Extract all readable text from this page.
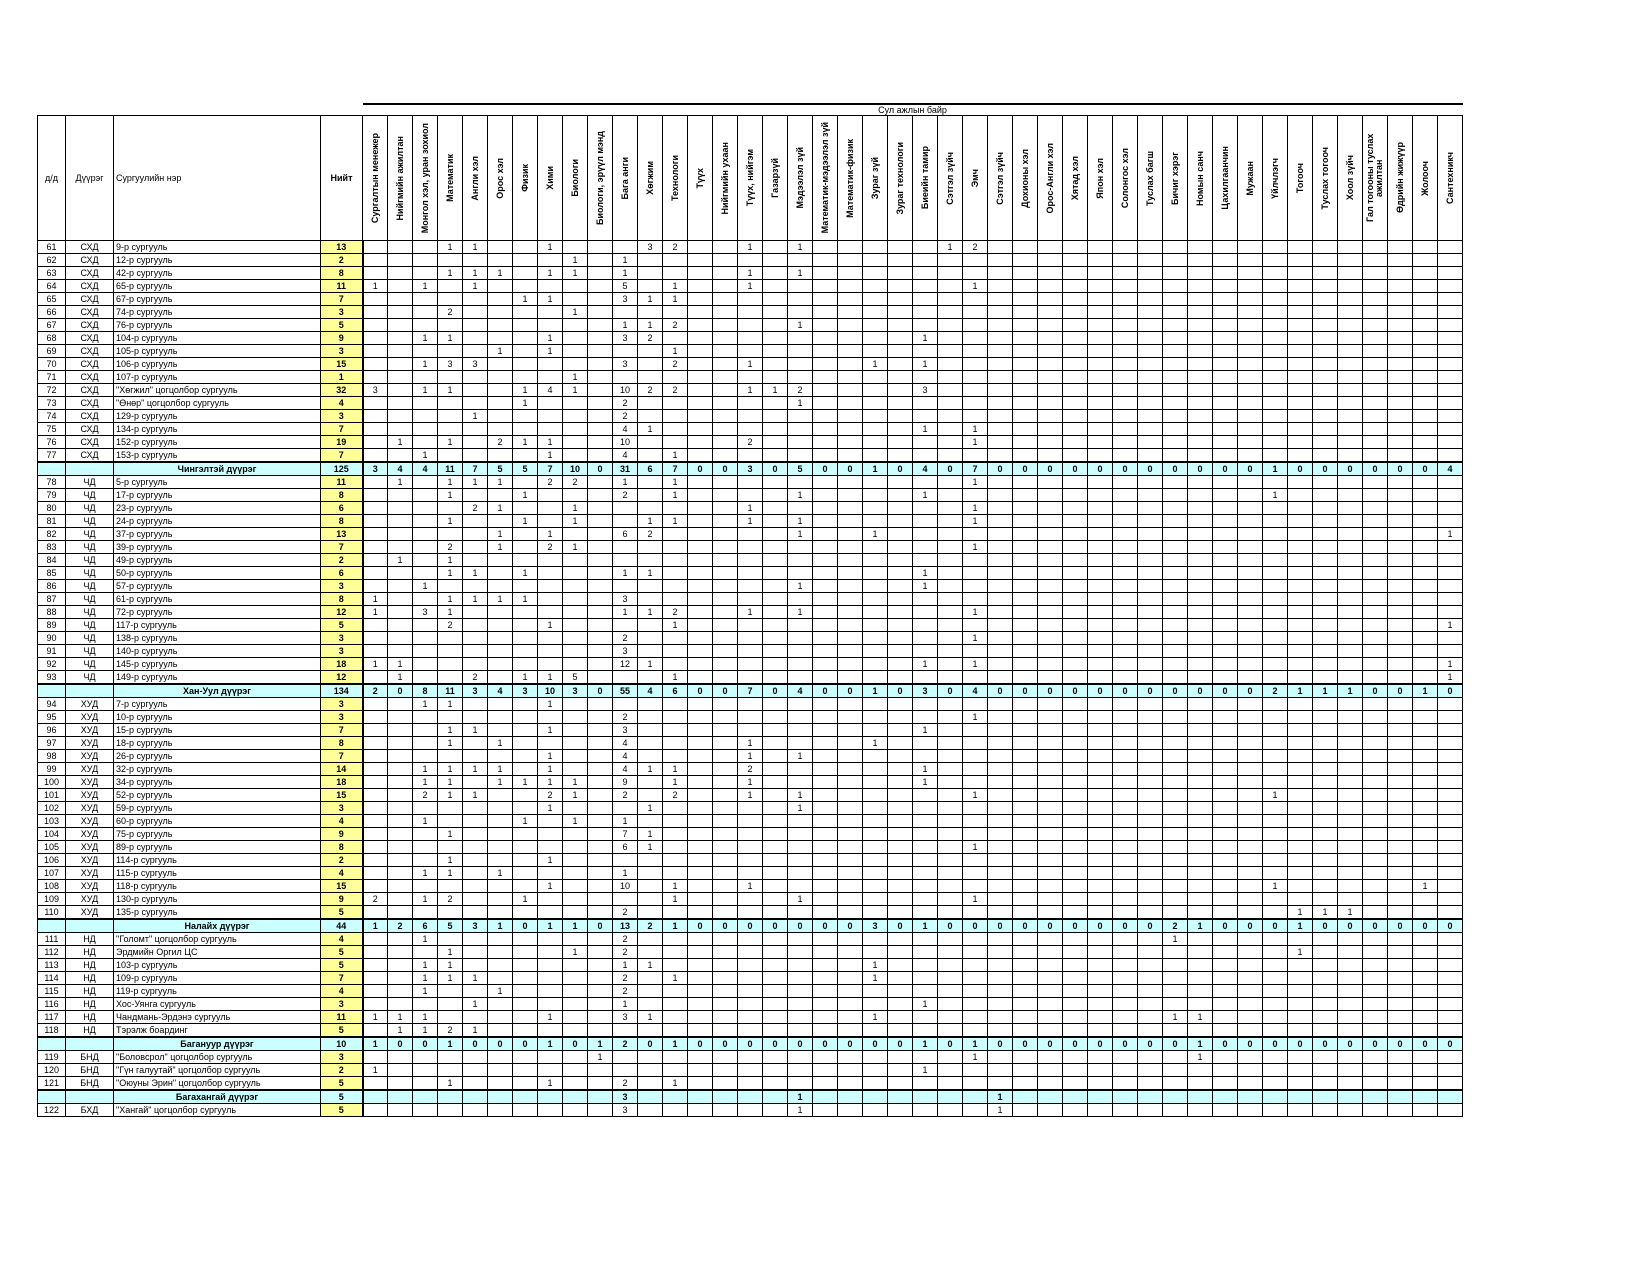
				Сул ажлын байр																																											
д/д	Дүүрэг	Сургуулийн нэр	Нийт	Сургалтын менежер	Нийгмийн ажилтан	Монгол хэл, уран зохиол	Математик	Англи хэл	Орос хэл	Физик	Хими	Биологи	Биологи, эрүүл мэнд	Бага анги	Хөгжим	Технологи	Түүх	Нийгмийн ухаан	Түүх, нийгэм	Газарзүй	Мэдээлэл зүй	Математик-мэдээлэл зүй	Математик-физик	Зураг зүй	Зураг технологи	Биеийн тамир	Сэтгэл зүйч	Эмч	Сэтгэл зүйч	Дохионы хэл	Орос-Англи хэл	Хятад хэл	Япон хэл	Солонгос хэл	Туслах багш	Бичиг хэрэг	Номын санч	Цахилгаанчин	Мужаан	Үйлчлэгч	Тогооч	Туслах тогооч	Хоол зүйч	Гал тогооны туслах ажилтан	Өдрийн жижүүр	Жолооч	Сантехникч

61	СХД	9-р сургууль	13				1	1			1				3	2			1		1						1	2																			
62	СХД	12-р сургууль	2									1		1																																	
63	СХД	42-р сургууль	8				1	1	1		1	1		1					1		1																										
64	СХД	65-р сургууль	11	1		1		1						5		1			1									1																			
65	СХД	67-р сургууль	7							1	1			3	1	1																															
66	СХД	74-р сургууль	3				2					1																																			
67	СХД	76-р сургууль	5											1	1	2					1																										
68	СХД	104-р сургууль	9			1	1				1			3	2											1																					
69	СХД	105-р сургууль	3						1		1					1																															
70	СХД	106-р сургууль	15			1	3	3						3		2			1					1		1																					
71	СХД	107-р сургууль	1									1																																			
72	СХД	"Хөгжил" цогцолбор сургууль	32	3		1	1			1	4	1		10	2	2			1	1	2					3																					
73	СХД	"Өнөр" цогцолбор сургууль	4							1				2							1																										
74	СХД	129-р сургууль	3					1						2																																	
75	СХД	134-р сургууль	7											4	1											1		1																			
76	СХД	152-р сургууль	19		1		1		2	1	1			10					2									1																			
77	СХД	153-р сургууль	7			1					1			4		1																															
		Чингэлтэй дүүрэг	125	3	4	4	11	7	5	5	7	10	0	31	6	7	0	0	3	0	5	0	0	1	0	4	0	7	0	0	0	0	0	0	0	0	0	0	0	1	0	0	0	0	0	0	4
78	ЧД	5-р сургууль	11		1		1	1	1		2	2		1		1												1																			
79	ЧД	17-р сургууль	8				1			1				2		1					1					1														1							
80	ЧД	23-р сургууль	6					2	1			1							1									1																			
81	ЧД	24-р сургууль	8				1			1		1			1	1			1		1							1																			
82	ЧД	37-р сургууль	13						1		1			6	2						1			1																							1
83	ЧД	39-р сургууль	7				2		1		2	1																1																			
84	ЧД	49-р сургууль	2		1		1																																								
85	ЧД	50-р сургууль	6				1	1		1				1	1											1																					
86	ЧД	57-р сургууль	3			1															1					1																					
87	ЧД	61-р сургууль	8	1			1	1	1	1				3																																	
88	ЧД	72-р сургууль	12	1		3	1							1	1	2			1		1							1																			
89	ЧД	117-р сургууль	5				2				1					1																															1
90	ЧД	138-р сургууль	3											2														1																			
91	ЧД	140-р сургууль	3											3																																	
92	ЧД	145-р сургууль	18	1	1									12	1											1		1																			1
93	ЧД	149-р сургууль	12		1			2		1	1	5				1																															1
		Хан-Уул дүүрэг	134	2	0	8	11	3	4	3	10	3	0	55	4	6	0	0	7	0	4	0	0	1	0	3	0	4	0	0	0	0	0	0	0	0	0	0	0	2	1	1	1	0	0	1	0
94	ХУД	7-р сургууль	3			1	1				1																																				
95	ХУД	10-р сургууль	3											2														1																			
96	ХУД	15-р сургууль	7				1	1			1			3												1																					
97	ХУД	18-р сургууль	8				1		1					4					1					1																							
98	ХУД	26-р сургууль	7								1			4					1		1																										
99	ХУД	32-р сургууль	14			1	1	1	1		1			4	1	1			2							1																					
100	ХУД	34-р сургууль	18			1	1		1	1	1	1		9		1			1							1																					
101	ХУД	52-р сургууль	15			2	1	1			2	1		2		2			1		1							1												1							
102	ХУД	59-р сургууль	3								1				1						1																										
103	ХУД	60-р сургууль	4			1				1		1		1																																	
104	ХУД	75-р сургууль	9				1							7	1																																
105	ХУД	89-р сургууль	8											6	1													1																			
106	ХУД	114-р сургууль	2				1				1																																				
107	ХУД	115-р сургууль	4			1	1		1					1																																	
108	ХУД	118-р сургууль	15								1			10		1			1																					1						1	
109	ХУД	130-р сургууль	9	2		1	2			1						1					1							1																			
110	ХУД	135-р сургууль	5											2																											1	1	1				
		Налайх дүүрэг	44	1	2	6	5	3	1	0	1	1	0	13	2	1	0	0	0	0	0	0	0	3	0	1	0	0	0	0	0	0	0	0	0	2	1	0	0	0	1	0	0	0	0	0	0
111	НД	"Голомт" цогцолбор сургууль	4			1								2																						1											
112	НД	Эрдмийн Оргил ЦС	5				1					1		2																											1						
113	НД	103-р сургууль	5			1	1							1	1									1																							
114	НД	109-р сургууль	7			1	1	1						2		1								1																							
115	НД	119-р сургууль	4			1			1					2																																	
116	НД	Хос-Уянга сургууль	3					1						1												1																					
117	НД	Чандмань-Эрдэнэ сургууль	11	1	1	1					1			3	1									1												1	1										
118	НД	Тэрэлж боардинг	5		1	1	2	1																																							
		Багануур дүүрэг	10	1	0	0	1	0	0	0	1	0	1	2	0	1	0	0	0	0	0	0	0	0	0	1	0	1	0	0	0	0	0	0	0	0	1	0	0	0	0	0	0	0	0	0	0
119	БНД	"Боловсрол" цогцолбор сургууль	3										1															1									1										
120	БНД	"Гүн галуутай" цогцолбор сургууль	2	1																						1																					
121	БНД	"Оюуны Эрин" цогцолбор сургууль	5				1				1			2		1																															
		Багахангай дүүрэг	5											3							1								1																		
122	БХД	"Хангай" цогцолбор сургууль	5											3							1								1																		
